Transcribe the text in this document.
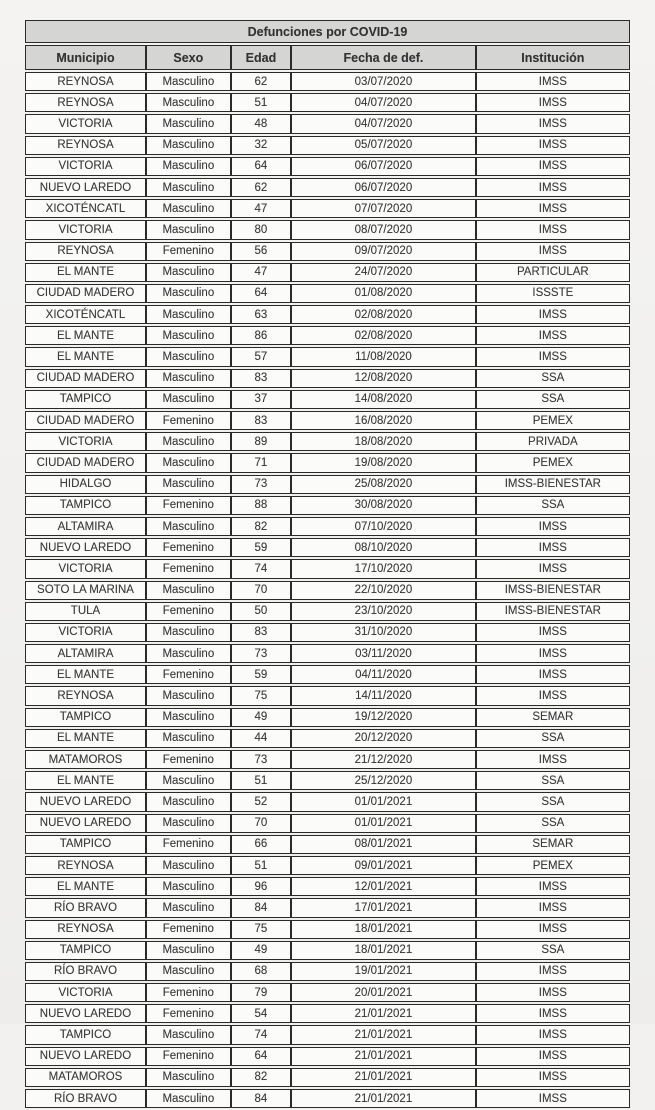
Defunciones por COVID-19				
Municipio	Sexo	Edad	Fecha de def.	Institución
REYNOSA	Masculino	62	03/07/2020	IMSS
REYNOSA	Masculino	51	04/07/2020	IMSS
VICTORIA	Masculino	48	04/07/2020	IMSS
REYNOSA	Masculino	32	05/07/2020	IMSS
VICTORIA	Masculino	64	06/07/2020	IMSS
NUEVO LAREDO	Masculino	62	06/07/2020	IMSS
XICOTÉNCATL	Masculino	47	07/07/2020	IMSS
VICTORIA	Masculino	80	08/07/2020	IMSS
REYNOSA	Femenino	56	09/07/2020	IMSS
EL MANTE	Masculino	47	24/07/2020	PARTICULAR
CIUDAD MADERO	Masculino	64	01/08/2020	ISSSTE
XICOTÉNCATL	Masculino	63	02/08/2020	IMSS
EL MANTE	Masculino	86	02/08/2020	IMSS
EL MANTE	Masculino	57	11/08/2020	IMSS
CIUDAD MADERO	Masculino	83	12/08/2020	SSA
TAMPICO	Masculino	37	14/08/2020	SSA
CIUDAD MADERO	Femenino	83	16/08/2020	PEMEX
VICTORIA	Masculino	89	18/08/2020	PRIVADA
CIUDAD MADERO	Masculino	71	19/08/2020	PEMEX
HIDALGO	Masculino	73	25/08/2020	IMSS-BIENESTAR
TAMPICO	Femenino	88	30/08/2020	SSA
ALTAMIRA	Masculino	82	07/10/2020	IMSS
NUEVO LAREDO	Femenino	59	08/10/2020	IMSS
VICTORIA	Femenino	74	17/10/2020	IMSS
SOTO LA MARINA	Masculino	70	22/10/2020	IMSS-BIENESTAR
TULA	Femenino	50	23/10/2020	IMSS-BIENESTAR
VICTORIA	Masculino	83	31/10/2020	IMSS
ALTAMIRA	Masculino	73	03/11/2020	IMSS
EL MANTE	Femenino	59	04/11/2020	IMSS
REYNOSA	Masculino	75	14/11/2020	IMSS
TAMPICO	Masculino	49	19/12/2020	SEMAR
EL MANTE	Masculino	44	20/12/2020	SSA
MATAMOROS	Femenino	73	21/12/2020	IMSS
EL MANTE	Masculino	51	25/12/2020	SSA
NUEVO LAREDO	Masculino	52	01/01/2021	SSA
NUEVO LAREDO	Masculino	70	01/01/2021	SSA
TAMPICO	Femenino	66	08/01/2021	SEMAR
REYNOSA	Masculino	51	09/01/2021	PEMEX
EL MANTE	Masculino	96	12/01/2021	IMSS
RÍO BRAVO	Masculino	84	17/01/2021	IMSS
REYNOSA	Femenino	75	18/01/2021	IMSS
TAMPICO	Masculino	49	18/01/2021	SSA
RÍO BRAVO	Masculino	68	19/01/2021	IMSS
VICTORIA	Femenino	79	20/01/2021	IMSS
NUEVO LAREDO	Femenino	54	21/01/2021	IMSS
TAMPICO	Masculino	74	21/01/2021	IMSS
NUEVO LAREDO	Femenino	64	21/01/2021	IMSS
MATAMOROS	Masculino	82	21/01/2021	IMSS
RÍO BRAVO	Masculino	84	21/01/2021	IMSS
